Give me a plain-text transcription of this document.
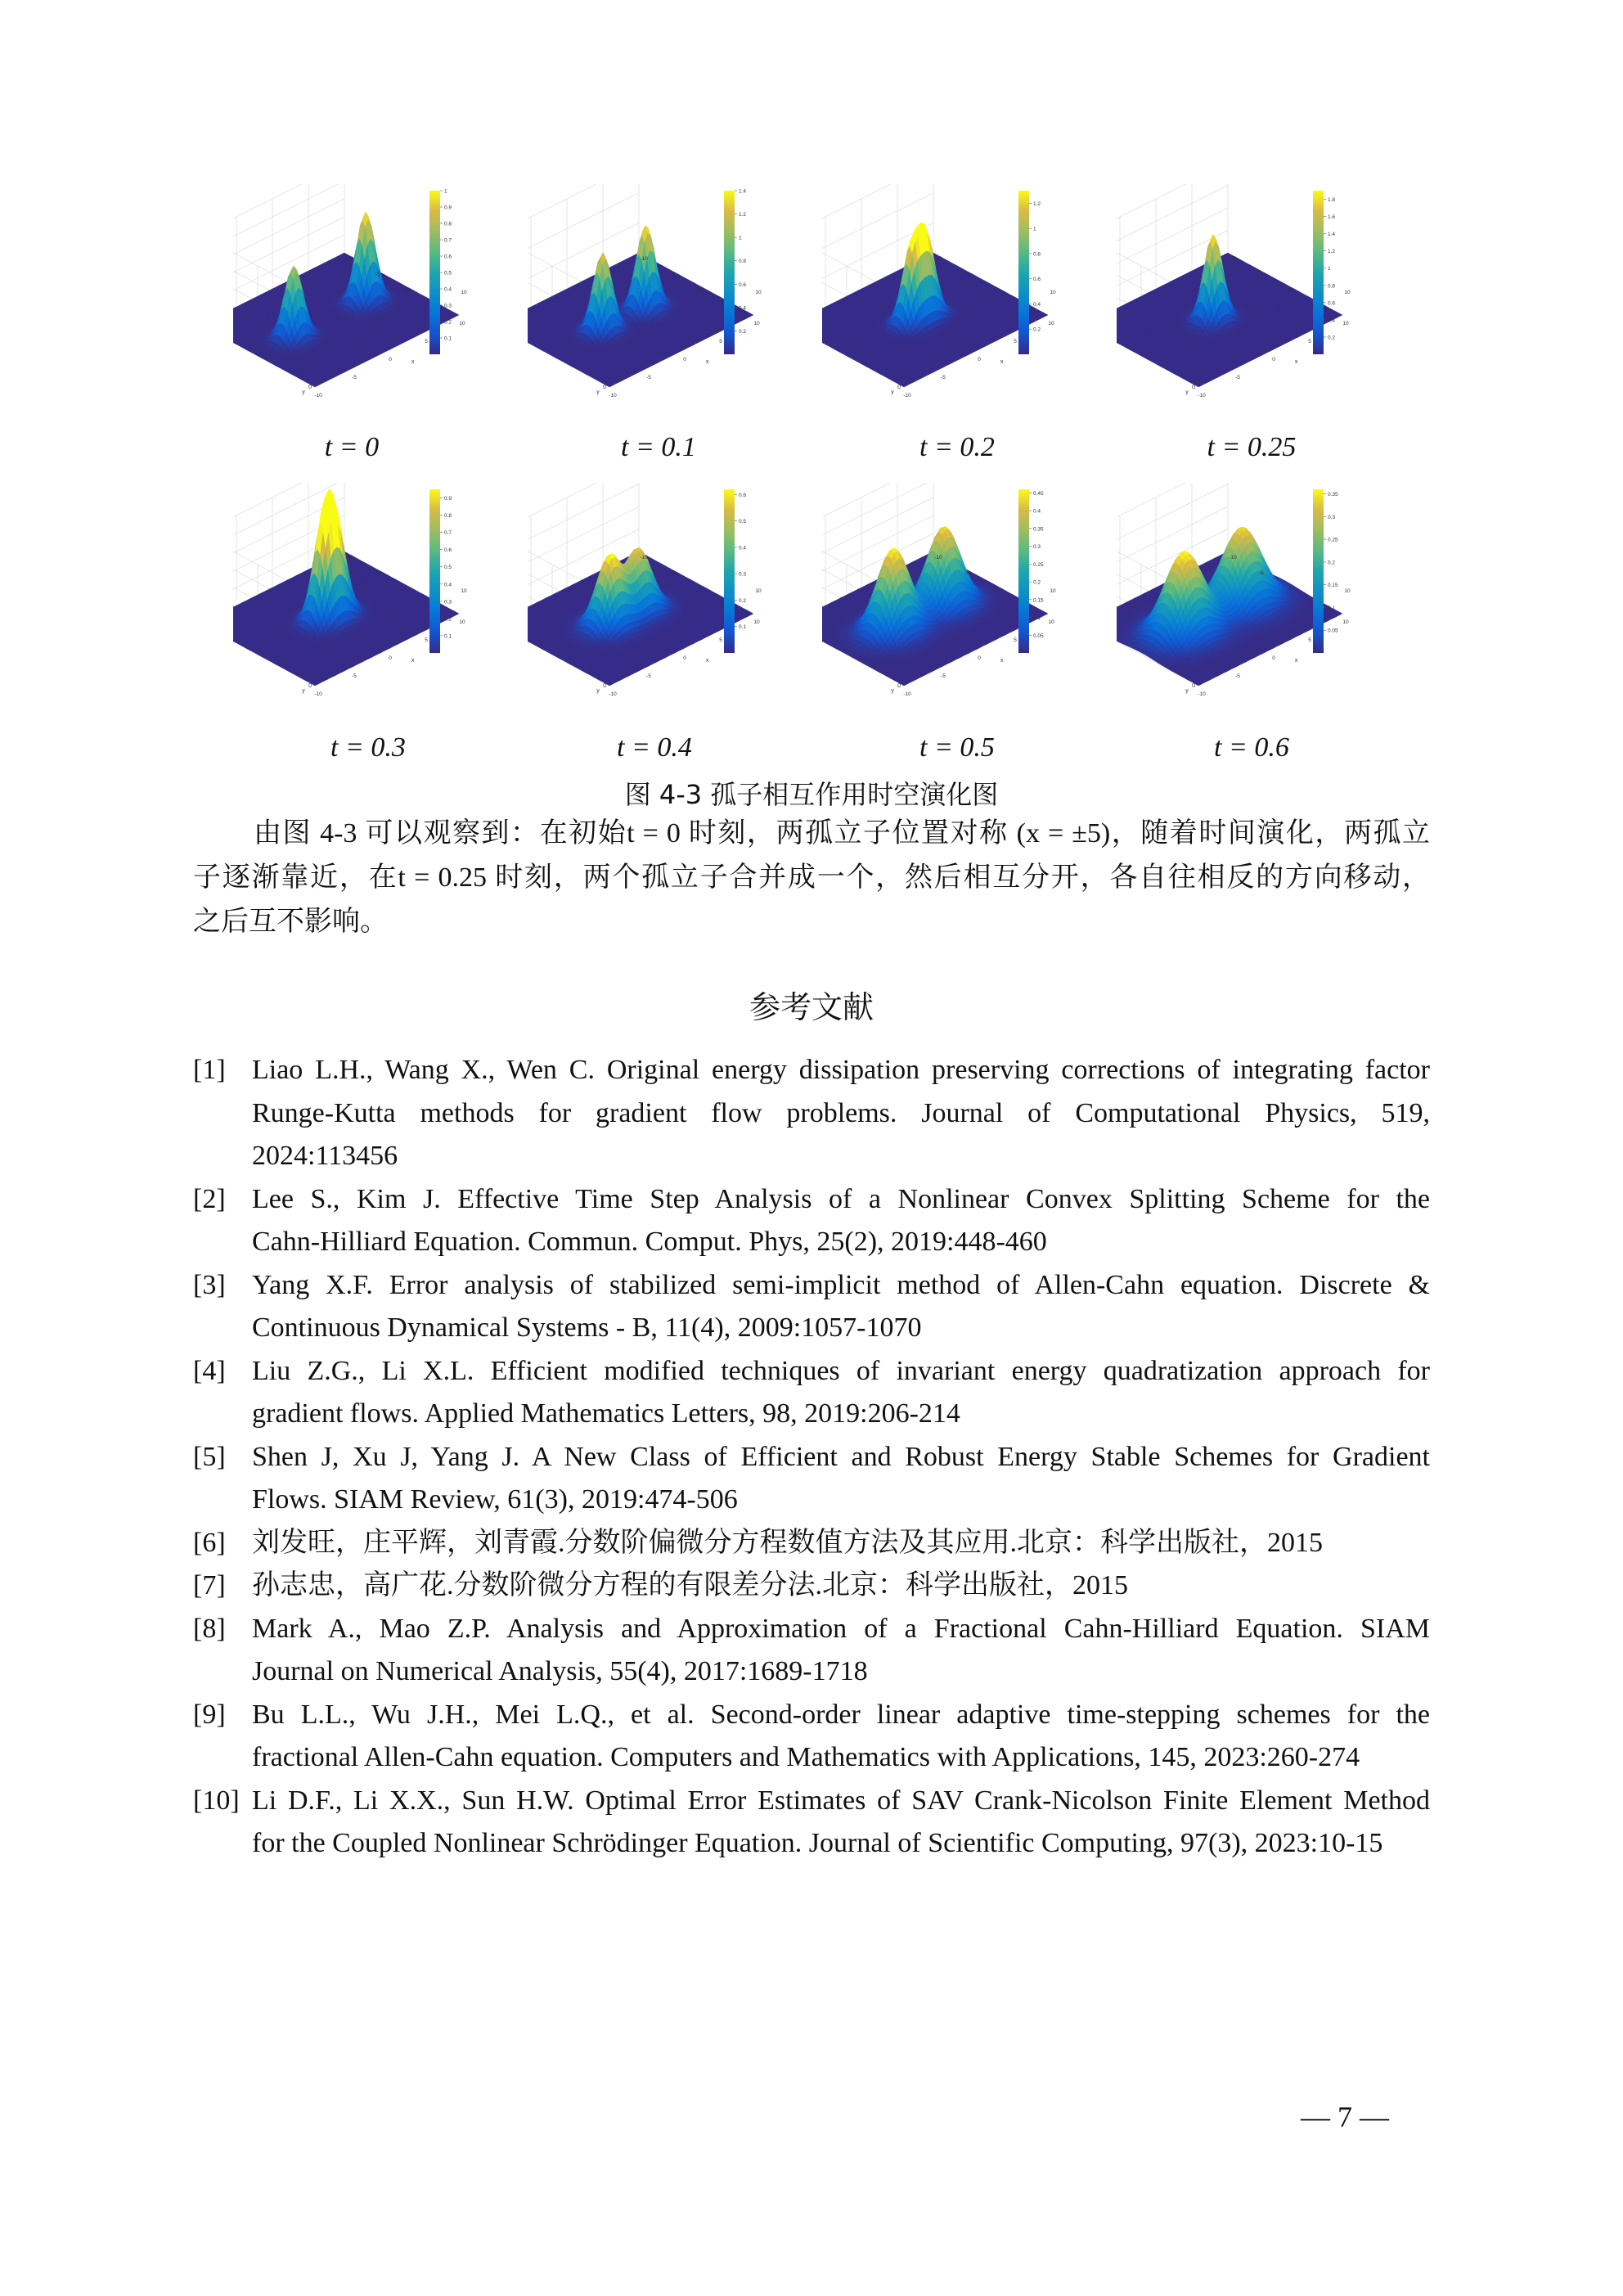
0
-10
-10
-5
-5
0
0
5
10
x
y
10
0.1
0.2
0.3
0.4
0.5
0.6
0.7
0.8
0.9
1
0
-10
-10
-5
-5
0
0
5
10
x
y
10
0.2
0.4
0.6
0.8
1
1.2
1.4
0
-10
-10
-5
-5
0
0
5
10
x
y
10
0.2
0.4
0.6
0.8
1
1.2
0
-10
-10
-5
-5
0
0
5
10
x
y
10
0.2
0.4
0.6
0.8
1
1.2
1.4
1.6
1.8
0
-10
-10
-5
-5
0
0
5
10
x
y
10
0.1
0.2
0.3
0.4
0.5
0.6
0.7
0.8
0.9
0
-10
-10
-5
-5
0
0
5
10
x
y
10
0.1
0.2
0.3
0.4
0.5
0.6
0
-10
-10
-5
-5
0
0
5
10
x
y
10
0.05
0.1
0.15
0.2
0.25
0.3
0.35
0.4
0.45
0
-10
-10
-5
-5
0
0
5
10
x
y
10
0.05
0.1
0.15
0.2
0.25
0.3
0.35
t = 0	t = 0.1	t = 0.2	t = 0.25
t = 0.3	t = 0.4	t = 0.5	t = 0.6
图 4-3 孤子相互作用时空演化图
由图 4-3 可以观察到：在初始t = 0 时刻，两孤立子位置对称 (x = ±5)，随着时间演化，两孤立
子逐渐靠近，在t = 0.25 时刻，两个孤立子合并成一个，然后相互分开，各自往相反的方向移动，
之后互不影响。
参考文献
[1] Liao L.H., Wang X., Wen C. Original energy dissipation preserving corrections of integrating factor
Runge-Kutta methods for gradient flow problems. Journal of Computational Physics, 519,
2024:113456
[2] Lee S., Kim J. Effective Time Step Analysis of a Nonlinear Convex Splitting Scheme for the
Cahn-Hilliard Equation. Commun. Comput. Phys, 25(2), 2019:448-460
[3] Yang X.F. Error analysis of stabilized semi-implicit method of Allen-Cahn equation. Discrete &
Continuous Dynamical Systems - B, 11(4), 2009:1057-1070
[4] Liu Z.G., Li X.L. Efficient modified techniques of invariant energy quadratization approach for
gradient flows. Applied Mathematics Letters, 98, 2019:206-214
[5] Shen J, Xu J, Yang J. A New Class of Efficient and Robust Energy Stable Schemes for Gradient
Flows. SIAM Review, 61(3), 2019:474-506
[6] 刘发旺，庄平辉，刘青霞.分数阶偏微分方程数值方法及其应用.北京：科学出版社，2015
[7] 孙志忠，高广花.分数阶微分方程的有限差分法.北京：科学出版社，2015
[8] Mark A., Mao Z.P. Analysis and Approximation of a Fractional Cahn-Hilliard Equation. SIAM
Journal on Numerical Analysis, 55(4), 2017:1689-1718
[9] Bu L.L., Wu J.H., Mei L.Q., et al. Second-order linear adaptive time-stepping schemes for the
fractional Allen-Cahn equation. Computers and Mathematics with Applications, 145, 2023:260-274
[10] Li D.F., Li X.X., Sun H.W. Optimal Error Estimates of SAV Crank-Nicolson Finite Element Method
for the Coupled Nonlinear Schrödinger Equation. Journal of Scientific Computing, 97(3), 2023:10-15
— 7 —
